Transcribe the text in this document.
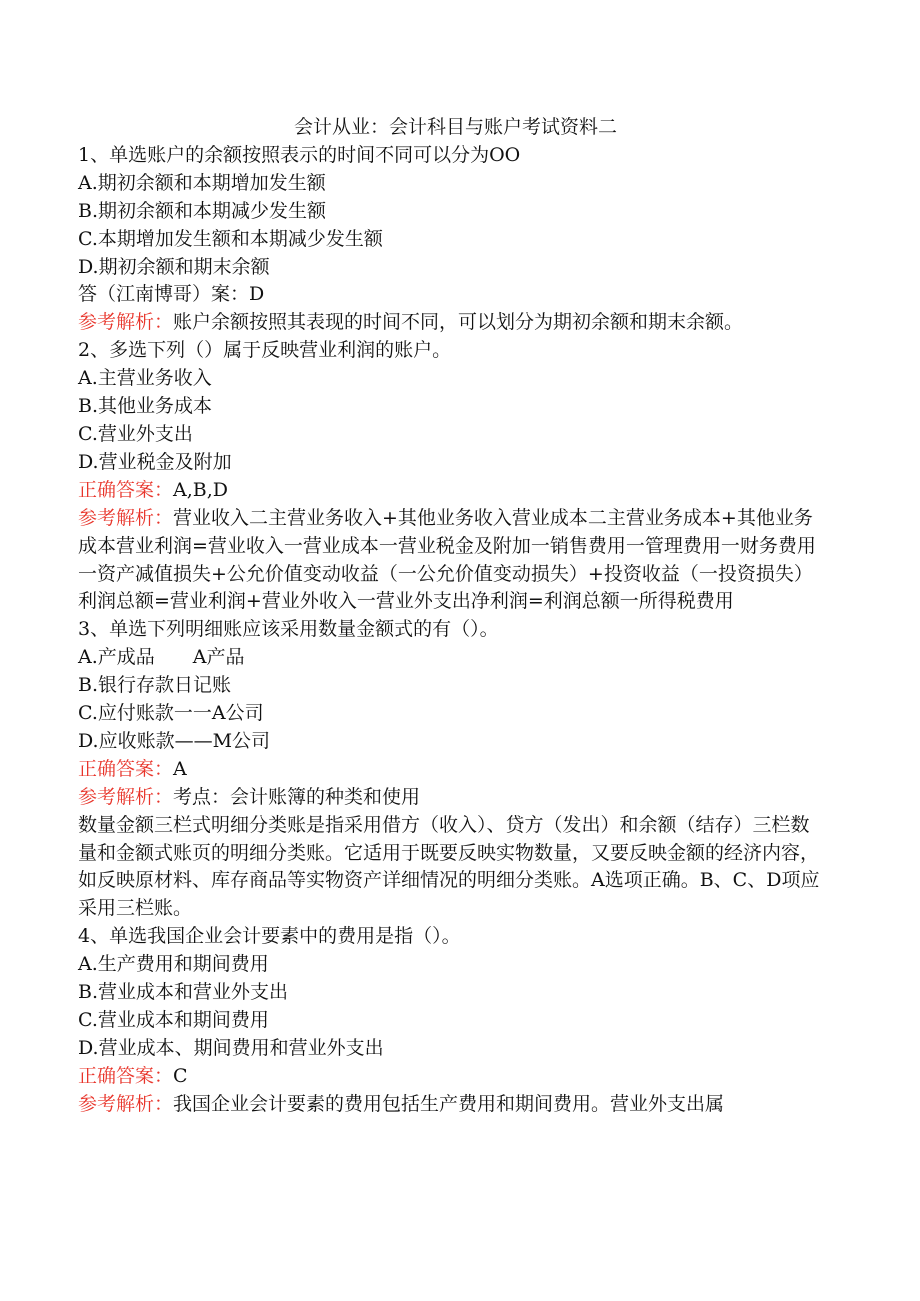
会计从业：会计科目与账户考试资料二

1、单选账户的余额按照表示的时间不同可以分为OO

A.期初余额和本期增加发生额

B.期初余额和本期减少发生额

C.本期增加发生额和本期减少发生额

D.期初余额和期末余额

答（江南博哥）案：D

参考解析：账户余额按照其表现的时间不同，可以划分为期初余额和期末余额。

2、多选下列（）属于反映营业利润的账户。

A.主营业务收入

B.其他业务成本

C.营业外支出

D.营业税金及附加

正确答案：A,B,D

参考解析：营业收入二主营业务收入+其他业务收入营业成本二主营业务成本+其他业务成本营业利润=营业收入一营业成本一营业税金及附加一销售费用一管理费用一财务费用一资产减值损失+公允价值变动收益（一公允价值变动损失）+投资收益（一投资损失）利润总额=营业利润+营业外收入一营业外支出净利润=利润总额一所得税费用

3、单选下列明细账应该采用数量金额式的有（）。

A.产成品　　A产品

B.银行存款日记账

C.应付账款一一A公司

D.应收账款——M公司

正确答案：A

参考解析：考点：会计账簿的种类和使用

数量金额三栏式明细分类账是指采用借方（收入）、贷方（发出）和余额（结存）三栏数量和金额式账页的明细分类账。它适用于既要反映实物数量，又要反映金额的经济内容，如反映原材料、库存商品等实物资产详细情况的明细分类账。A选项正确。B、C、D项应采用三栏账。

4、单选我国企业会计要素中的费用是指（）。

A.生产费用和期间费用

B.营业成本和营业外支出

C.营业成本和期间费用

D.营业成本、期间费用和营业外支出

正确答案：C

参考解析：我国企业会计要素的费用包括生产费用和期间费用。营业外支出属
